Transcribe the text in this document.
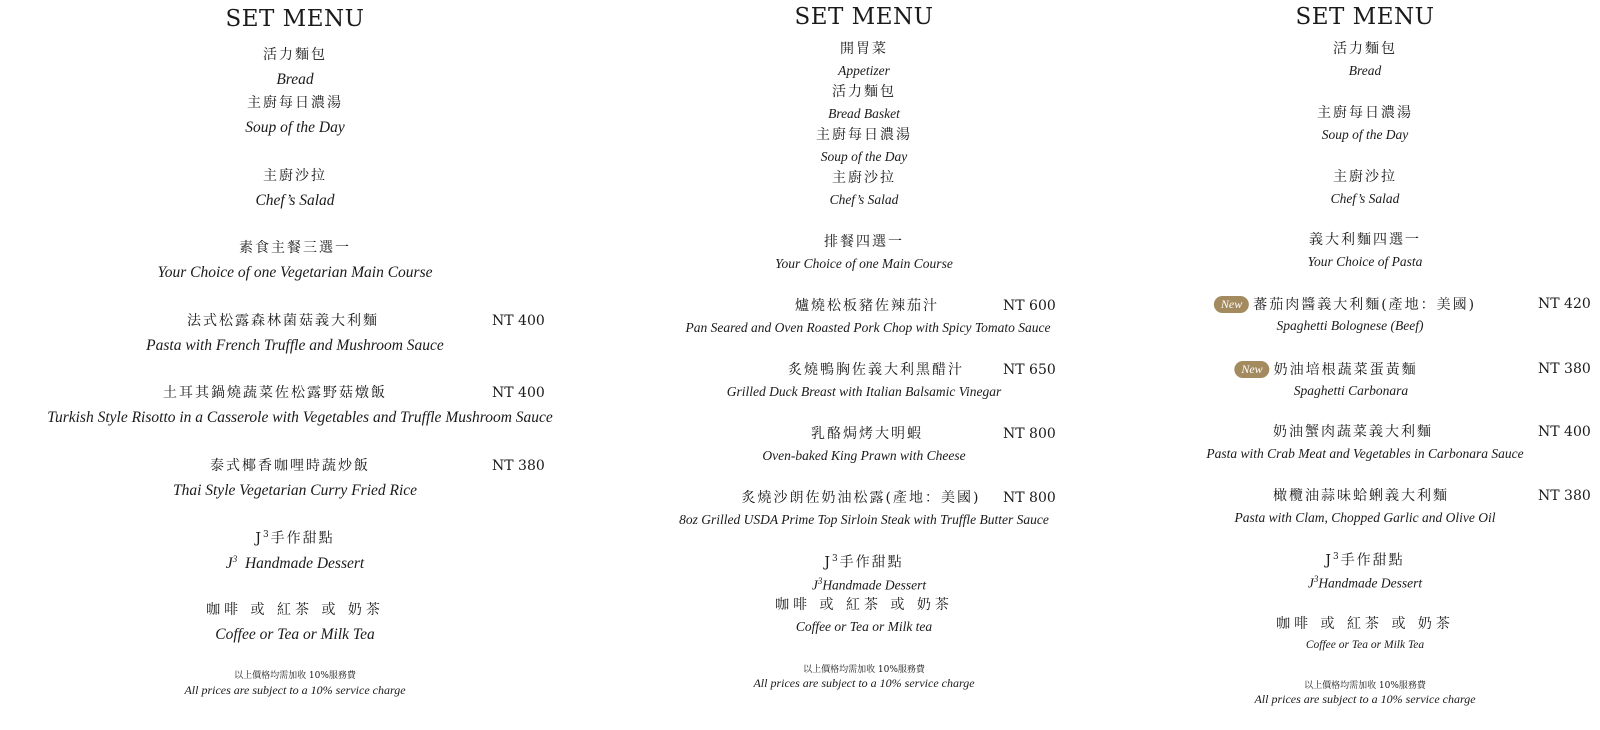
SET MENU
活力麵包
Bread
主廚每日濃湯
Soup of the Day
主廚沙拉
Chef’s Salad
素食主餐三選一
Your Choice of one Vegetarian Main Course
法式松露森林菌菇義大利麵	NT 400
Pasta with French Truffle and Mushroom Sauce
土耳其鍋燒蔬菜佐松露野菇燉飯	NT 400
Turkish Style Risotto in a Casserole with Vegetables and Truffle Mushroom Sauce
泰式椰香咖哩時蔬炒飯	NT 380
Thai Style Vegetarian Curry Fried Rice
$J^3$手作甜點
$J^3$ Handmade Dessert
咖啡 或 紅茶 或 奶茶
Coffee or Tea or Milk Tea
以上價格均需加收 10%服務費
All prices are subject to a 10% service charge
SET MENU
開胃菜
Appetizer
活力麵包
Bread Basket
主廚每日濃湯
Soup of the Day
主廚沙拉
Chef’s Salad
排餐四選一
Your Choice of one Main Course
爐燒松板豬佐辣茄汁	NT 600
Pan Seared and Oven Roasted Pork Chop with Spicy Tomato Sauce
炙燒鴨胸佐義大利黑醋汁	NT 650
Grilled Duck Breast with Italian Balsamic Vinegar
乳酪焗烤大明蝦	NT 800
Oven-baked King Prawn with Cheese
炙燒沙朗佐奶油松露(產地：美國) NT 800
8oz Grilled USDA Prime Top Sirloin Steak with Truffle Butter Sauce
$J^3$手作甜點
$J^3Handmade$ Dessert
咖啡 或 紅茶 或 奶茶
Coffee or Tea or Milk tea
以上價格均需加收 10%服務費
All prices are subject to a 10% service charge
SET MENU
活力麵包
Bread
主廚每日濃湯
Soup of the Day
主廚沙拉
Chef’s Salad
義大利麵四選一
Your Choice of Pasta
New 蕃茄肉醬義大利麵(產地：美國)	NT 420
Spaghetti Bolognese (Beef)
New 奶油培根蔬菜蛋黃麵	NT 380
Spaghetti Carbonara
奶油蟹肉蔬菜義大利麵	NT 400
Pasta with Crab Meat and Vegetables in Carbonara Sauce
橄欖油蒜味蛤蜊義大利麵	NT 380
Pasta with Clam, Chopped Garlic and Olive Oil
$J^3$手作甜點
$J^3Handmade$ Dessert
咖啡 或 紅茶 或 奶茶
Coffee or Tea or Milk Tea
以上價格均需加收 10%服務費
All prices are subject to a 10% service charge
